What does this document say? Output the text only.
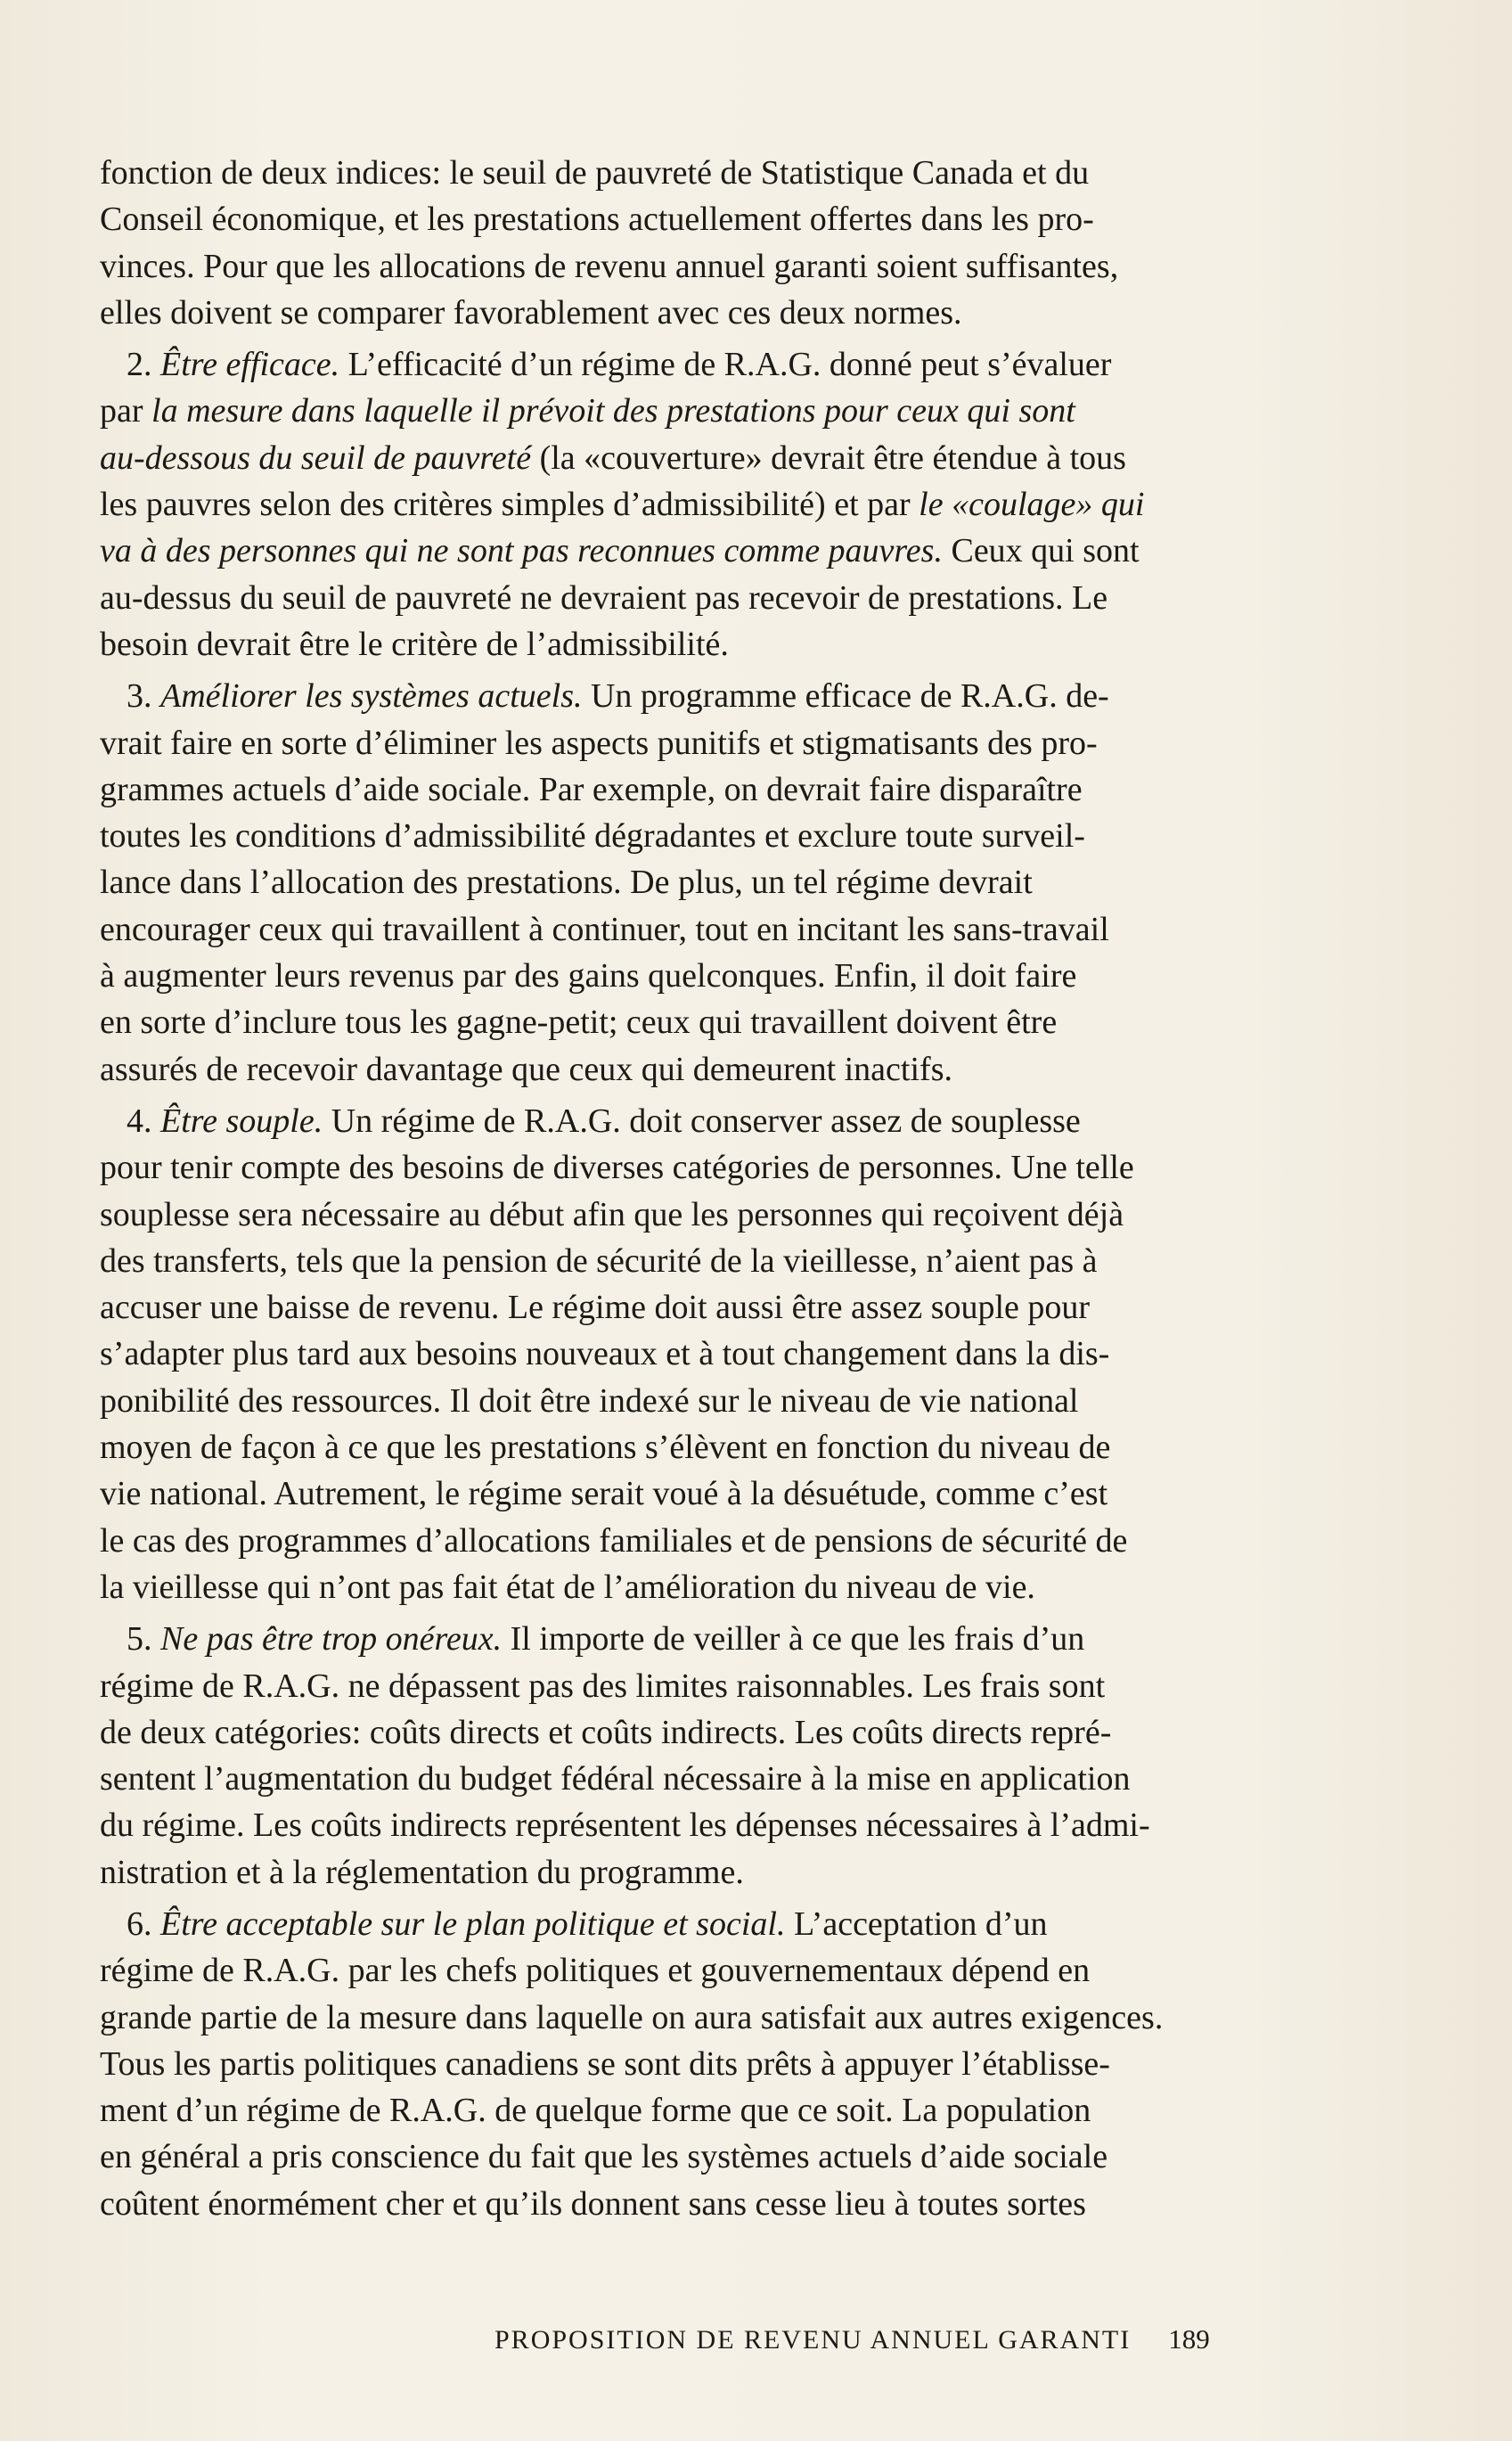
fonction de deux indices: le seuil de pauvreté de Statistique Canada et du
Conseil économique, et les prestations actuellement offertes dans les pro-
vinces. Pour que les allocations de revenu annuel garanti soient suffisantes,
elles doivent se comparer favorablement avec ces deux normes.
2. Être efficace. L’efficacité d’un régime de R.A.G. donné peut s’évaluer
par la mesure dans laquelle il prévoit des prestations pour ceux qui sont
au-dessous du seuil de pauvreté (la «couverture» devrait être étendue à tous
les pauvres selon des critères simples d’admissibilité) et par le «coulage» qui
va à des personnes qui ne sont pas reconnues comme pauvres. Ceux qui sont
au-dessus du seuil de pauvreté ne devraient pas recevoir de prestations. Le
besoin devrait être le critère de l’admissibilité.
3. Améliorer les systèmes actuels. Un programme efficace de R.A.G. de-
vrait faire en sorte d’éliminer les aspects punitifs et stigmatisants des pro-
grammes actuels d’aide sociale. Par exemple, on devrait faire disparaître
toutes les conditions d’admissibilité dégradantes et exclure toute surveil-
lance dans l’allocation des prestations. De plus, un tel régime devrait
encourager ceux qui travaillent à continuer, tout en incitant les sans-travail
à augmenter leurs revenus par des gains quelconques. Enfin, il doit faire
en sorte d’inclure tous les gagne-petit; ceux qui travaillent doivent être
assurés de recevoir davantage que ceux qui demeurent inactifs.
4. Être souple. Un régime de R.A.G. doit conserver assez de souplesse
pour tenir compte des besoins de diverses catégories de personnes. Une telle
souplesse sera nécessaire au début afin que les personnes qui reçoivent déjà
des transferts, tels que la pension de sécurité de la vieillesse, n’aient pas à
accuser une baisse de revenu. Le régime doit aussi être assez souple pour
s’adapter plus tard aux besoins nouveaux et à tout changement dans la dis-
ponibilité des ressources. Il doit être indexé sur le niveau de vie national
moyen de façon à ce que les prestations s’élèvent en fonction du niveau de
vie national. Autrement, le régime serait voué à la désuétude, comme c’est
le cas des programmes d’allocations familiales et de pensions de sécurité de
la vieillesse qui n’ont pas fait état de l’amélioration du niveau de vie.
5. Ne pas être trop onéreux. Il importe de veiller à ce que les frais d’un
régime de R.A.G. ne dépassent pas des limites raisonnables. Les frais sont
de deux catégories: coûts directs et coûts indirects. Les coûts directs repré-
sentent l’augmentation du budget fédéral nécessaire à la mise en application
du régime. Les coûts indirects représentent les dépenses nécessaires à l’admi-
nistration et à la réglementation du programme.
6. Être acceptable sur le plan politique et social. L’acceptation d’un
régime de R.A.G. par les chefs politiques et gouvernementaux dépend en
grande partie de la mesure dans laquelle on aura satisfait aux autres exigences.
Tous les partis politiques canadiens se sont dits prêts à appuyer l’établisse-
ment d’un régime de R.A.G. de quelque forme que ce soit. La population
en général a pris conscience du fait que les systèmes actuels d’aide sociale
coûtent énormément cher et qu’ils donnent sans cesse lieu à toutes sortes
PROPOSITION DE REVENU ANNUEL GARANTI 189
